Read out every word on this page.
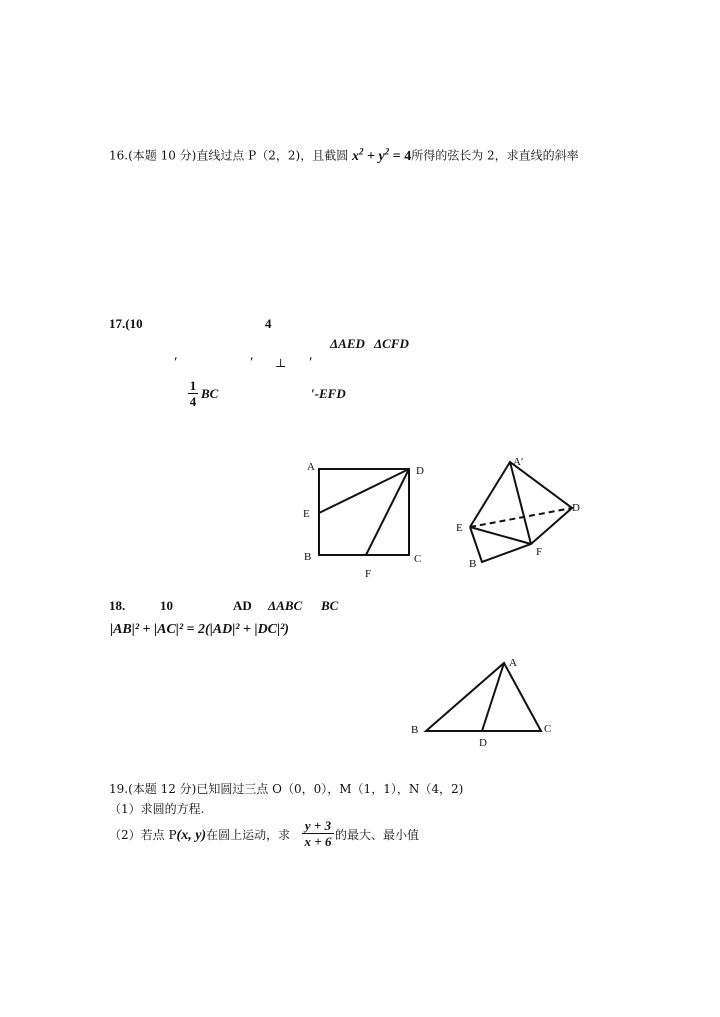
16.(本题 10 分)直线过点 P（2，2)，且截圆 $x^2 + y^2 = 4$所得的弦长为 2，求直线的斜率
17.(10	4
ΔAED ΔCFD
′	′ ⊥ ′
1
4
BC	′-EFD
A	D
E
B	C
F
A′
D
E
B
F
18.	10	AD ΔABC BC
|AB|² + |AC|² = 2(|AD|² + |DC|²)
A
B	C
D
19.(本题 12 分)已知圆过三点 O（0，0），M（1，1），N（4，2)
（1）求圆的方程.
（2）若点 P(x, y)在圆上运动，求
y + 3
x + 6 的最大、最小值
